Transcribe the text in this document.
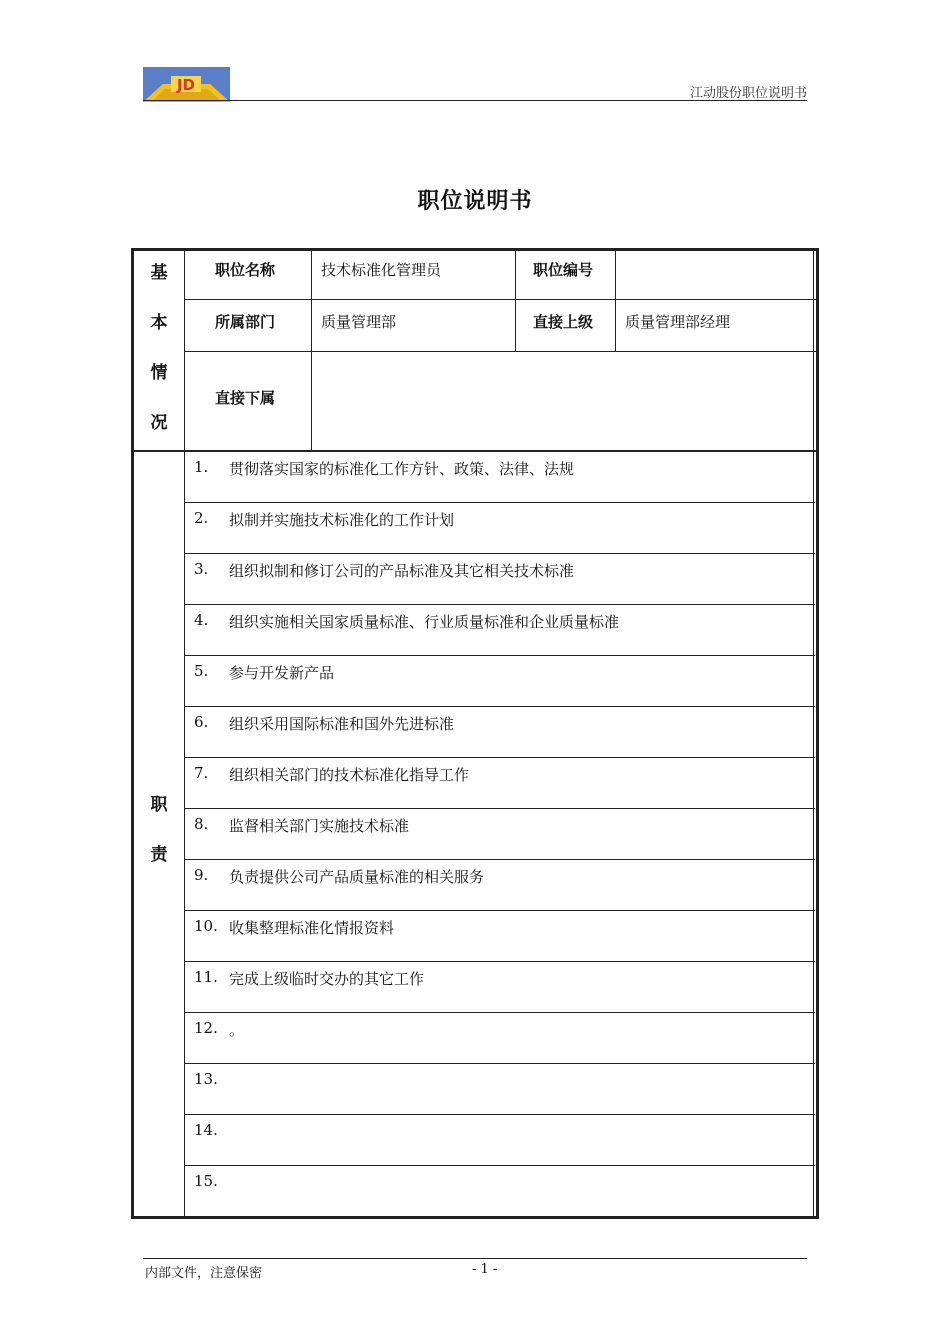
JD	江动股份职位说明书
职位说明书
基
本
情
况
职位名称	技术标准化管理员	职位编号
所属部门	质量管理部	直接上级 质量管理部经理
直接下属
职
责
1. 贯彻落实国家的标准化工作方针、政策、法律、法规
2. 拟制并实施技术标准化的工作计划
3. 组织拟制和修订公司的产品标准及其它相关技术标准
4. 组织实施相关国家质量标准、行业质量标准和企业质量标准
5. 参与开发新产品
6. 组织采用国际标准和国外先进标准
7. 组织相关部门的技术标准化指导工作
8. 监督相关部门实施技术标准
9. 负责提供公司产品质量标准的相关服务
10. 收集整理标准化情报资料
11. 完成上级临时交办的其它工作
12. 。
13.
14.
15.
内部文件，注意保密	- 1 -
